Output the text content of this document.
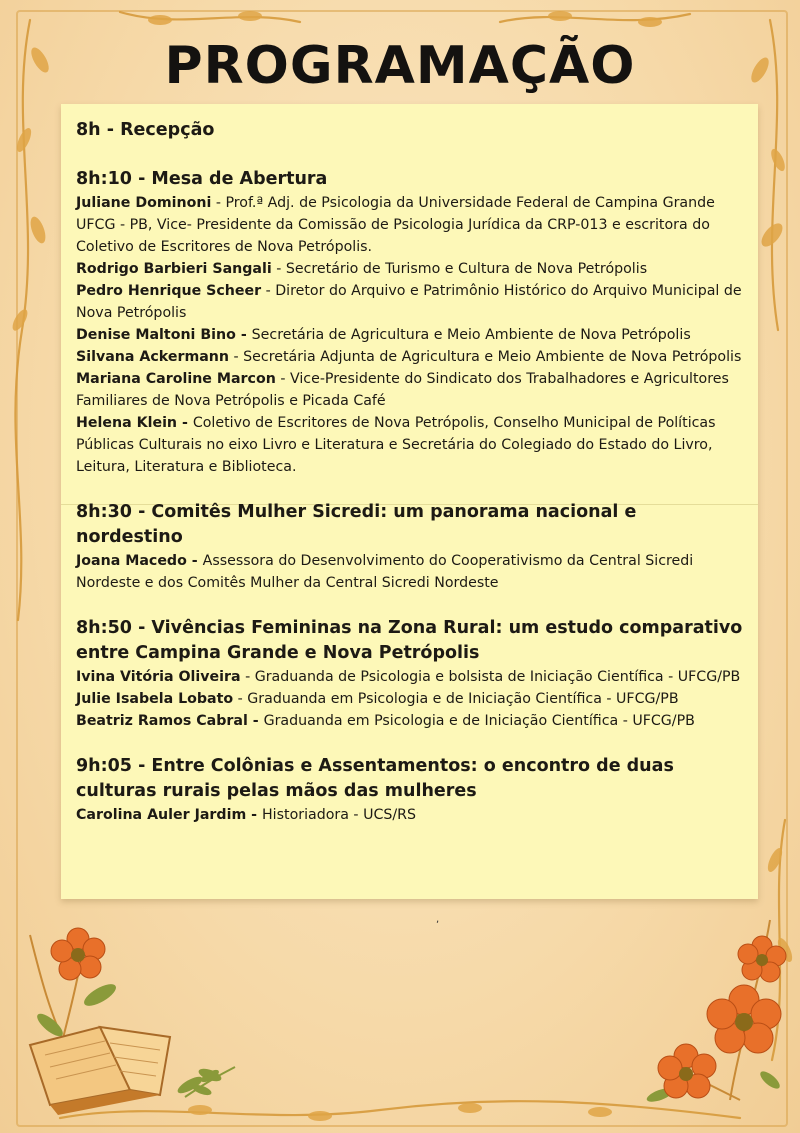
PROGRAMAÇÃO

8h - Recepção

8h:10 - Mesa de Abertura

Juliane Dominoni - Prof.ª Adj. de Psicologia da Universidade Federal de Campina Grande UFCG - PB, Vice- Presidente da Comissão de Psicologia Jurídica da CRP-013 e escritora do Coletivo de Escritores de Nova Petrópolis.

Rodrigo Barbieri Sangali - Secretário de Turismo e Cultura de Nova Petrópolis

Pedro Henrique Scheer - Diretor do Arquivo e Patrimônio Histórico do Arquivo Municipal de Nova Petrópolis

Denise Maltoni Bino - Secretária de Agricultura e Meio Ambiente de Nova Petrópolis

Silvana Ackermann - Secretária Adjunta de Agricultura e Meio Ambiente de Nova Petrópolis

Mariana Caroline Marcon - Vice-Presidente do Sindicato dos Trabalhadores e Agricultores Familiares de Nova Petrópolis e Picada Café

Helena Klein - Coletivo de Escritores de Nova Petrópolis, Conselho Municipal de Políticas Públicas Culturais no eixo Livro e Literatura e Secretária do Colegiado do Estado do Livro, Leitura, Literatura e Biblioteca.

8h:30 - Comitês Mulher Sicredi: um panorama nacional e nordestino

Joana Macedo - Assessora do Desenvolvimento do Cooperativismo da Central Sicredi Nordeste e dos Comitês Mulher da Central Sicredi Nordeste

8h:50 - Vivências Femininas na Zona Rural: um estudo comparativo entre Campina Grande e Nova Petrópolis

Ivina Vitória Oliveira - Graduanda de Psicologia e bolsista de Iniciação Científica - UFCG/PB

Julie Isabela Lobato - Graduanda em Psicologia e de Iniciação Científica - UFCG/PB

Beatriz Ramos Cabral - Graduanda em Psicologia e de Iniciação Científica - UFCG/PB

9h:05 - Entre Colônias e Assentamentos: o encontro de duas culturas rurais pelas mãos das mulheres

Carolina Auler Jardim - Historiadora - UCS/RS

,
